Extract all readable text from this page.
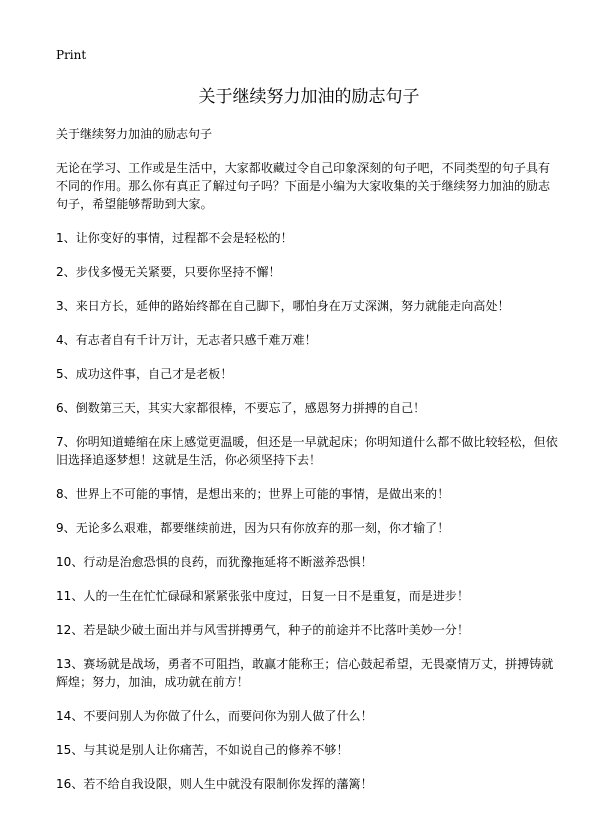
Print
关于继续努力加油的励志句子
关于继续努力加油的励志句子

无论在学习、工作或是生活中，大家都收藏过令自己印象深刻的句子吧，不同类型的句子具有不同的作用。那么你有真正了解过句子吗？下面是小编为大家收集的关于继续努力加油的励志句子，希望能够帮助到大家。

1、让你变好的事情，过程都不会是轻松的！

2、步伐多慢无关紧要，只要你坚持不懈！

3、来日方长，延伸的路始终都在自己脚下，哪怕身在万丈深渊，努力就能走向高处！

4、有志者自有千计万计，无志者只感千难万难！

5、成功这件事，自己才是老板！

6、倒数第三天，其实大家都很棒，不要忘了，感恩努力拼搏的自己！

7、你明知道蜷缩在床上感觉更温暖，但还是一早就起床；你明知道什么都不做比较轻松，但依旧选择追逐梦想！这就是生活，你必须坚持下去！

8、世界上不可能的事情，是想出来的；世界上可能的事情，是做出来的！

9、无论多么艰难，都要继续前进，因为只有你放弃的那一刻，你才输了！

10、行动是治愈恐惧的良药，而犹豫拖延将不断滋养恐惧！

11、人的一生在忙忙碌碌和紧紧张张中度过，日复一日不是重复，而是进步！

12、若是缺少破土面出并与风雪拼搏勇气，种子的前途并不比落叶美妙一分！

13、赛场就是战场，勇者不可阻挡，敢赢才能称王；信心鼓起希望，无畏豪情万丈，拼搏铸就辉煌；努力，加油，成功就在前方！

14、不要问别人为你做了什么，而要问你为别人做了什么！

15、与其说是别人让你痛苦，不如说自己的修养不够！

16、若不给自我设限，则人生中就没有限制你发挥的藩篱！
